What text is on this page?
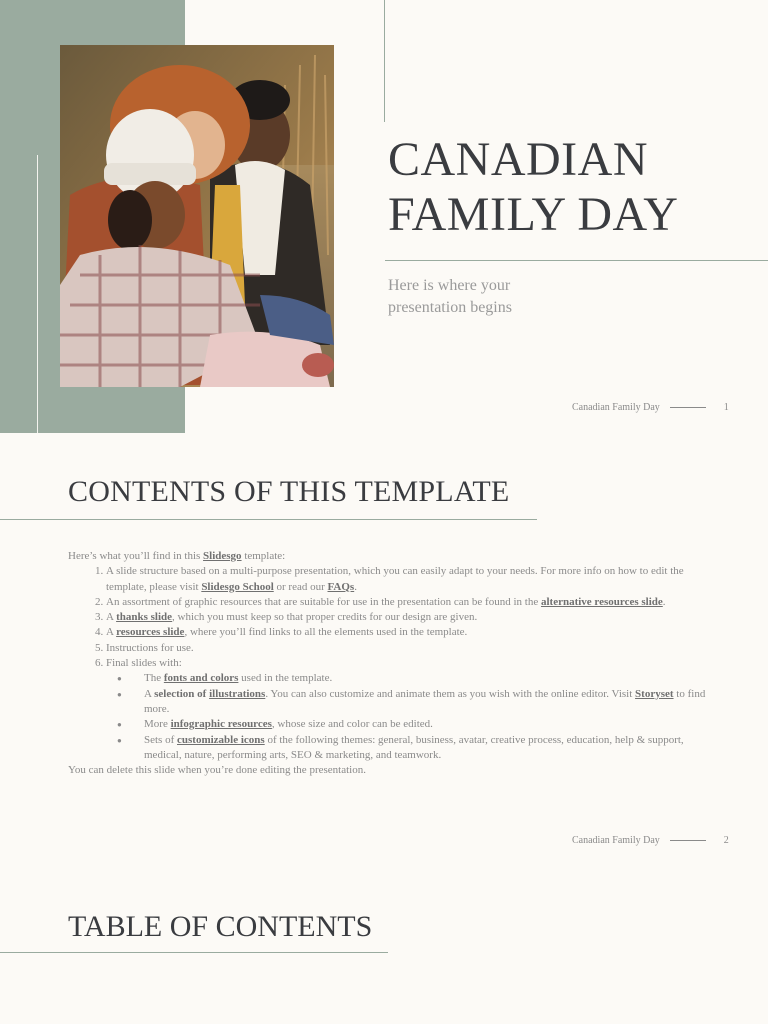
CANADIAN
FAMILY DAY

Here is where your
presentation begins

Canadian Family Day	1
CONTENTS OF THIS TEMPLATE

Here’s what you’ll find in this Slidesgo template:

1. A slide structure based on a multi-purpose presentation, which you can easily adapt to your needs. For more info on how to edit the template, please visit Slidesgo School or read our FAQs.
2. An assortment of graphic resources that are suitable for use in the presentation can be found in the alternative resources slide.
3. A thanks slide, which you must keep so that proper credits for our design are given.
4. A resources slide, where you’ll find links to all the elements used in the template.
5. Instructions for use.
6. Final slides with:
● The fonts and colors used in the template.
● A selection of illustrations. You can also customize and animate them as you wish with the online editor. Visit Storyset to find more.
● More infographic resources, whose size and color can be edited.
● Sets of customizable icons of the following themes: general, business, avatar, creative process, education, help & support, medical, nature, performing arts, SEO & marketing, and teamwork.

You can delete this slide when you’re done editing the presentation.

Canadian Family Day	2
TABLE OF CONTENTS
